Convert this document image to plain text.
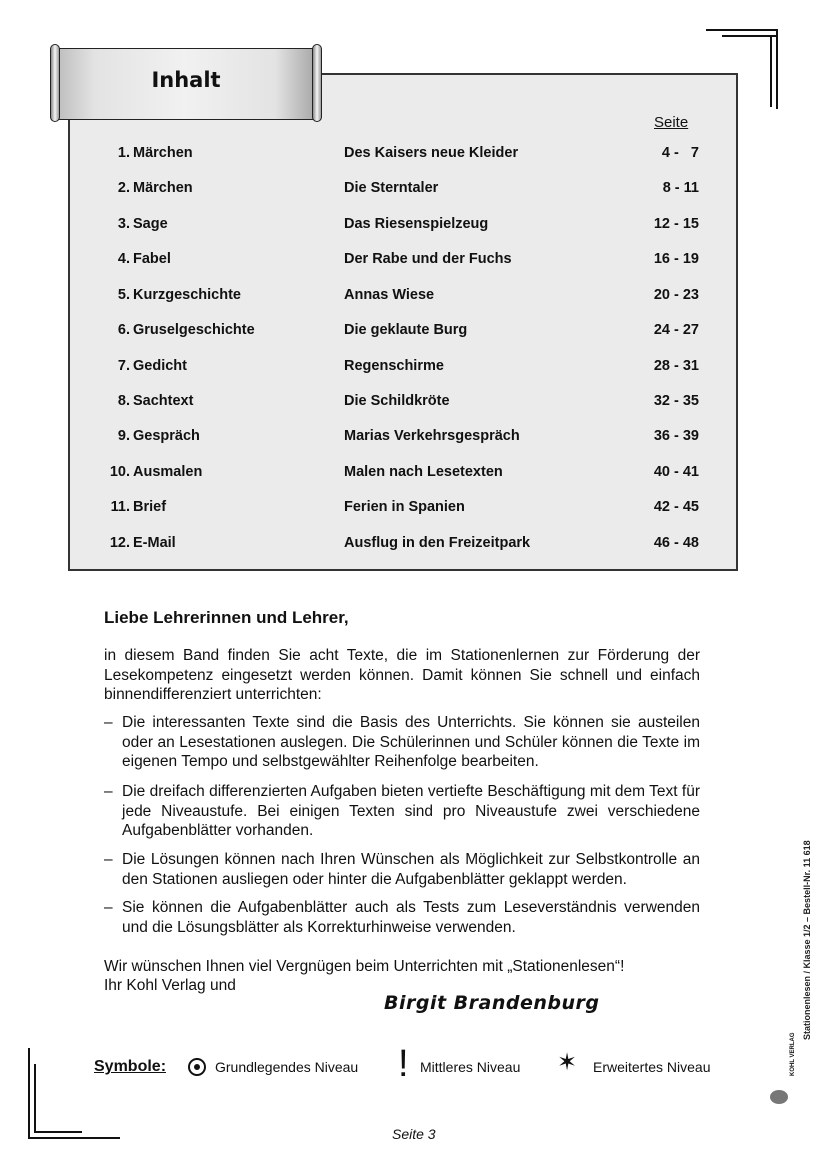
Inhalt
Seite
1. Märchen	Des Kaisers neue Kleider	4 -   7
2. Märchen	Die Sterntaler	8 - 11
3. Sage	Das Riesenspielzeug	12 - 15
4. Fabel	Der Rabe und der Fuchs	16 - 19
5. Kurzgeschichte	Annas Wiese	20 - 23
6. Gruselgeschichte	Die geklaute Burg	24 - 27
7. Gedicht	Regenschirme	28 - 31
8. Sachtext	Die Schildkröte	32 - 35
9. Gespräch	Marias Verkehrsgespräch	36 - 39
10. Ausmalen	Malen nach Lesetexten	40 - 41
11. Brief	Ferien in Spanien	42 - 45
12. E-Mail	Ausflug in den Freizeitpark	46 - 48
Liebe Lehrerinnen und Lehrer,
in diesem Band finden Sie acht Texte, die im Stationenlernen zur Förderung der Lesekompetenz eingesetzt werden können. Damit können Sie schnell und einfach binnendifferenziert unterrichten:
– Die interessanten Texte sind die Basis des Unterrichts. Sie können sie austeilen oder an Lesestationen auslegen. Die Schülerinnen und Schüler können die Texte im eigenen Tempo und selbstgewählter Reihenfolge bearbeiten.
– Die dreifach differenzierten Aufgaben bieten vertiefte Beschäftigung mit dem Text für jede Niveaustufe. Bei einigen Texten sind pro Niveaustufe zwei verschiedene Aufgabenblätter vorhanden.
– Die Lösungen können nach Ihren Wünschen als Möglichkeit zur Selbstkontrolle an den Stationen ausliegen oder hinter die Aufgabenblätter geklappt werden.
– Sie können die Aufgabenblätter auch als Tests zum Leseverständnis verwenden und die Lösungsblätter als Korrekturhinweise verwenden.
Wir wünschen Ihnen viel Vergnügen beim Unterrichten mit „Stationenlesen“!
Ihr Kohl Verlag und
Birgit Brandenburg
Symbole:	Grundlegendes Niveau ! Mittleres Niveau ✶ Erweitertes Niveau
Seite 3
Stationenlesen / Klasse 1/2 – Bestell-Nr. 11 618
KOHL VERLAG
